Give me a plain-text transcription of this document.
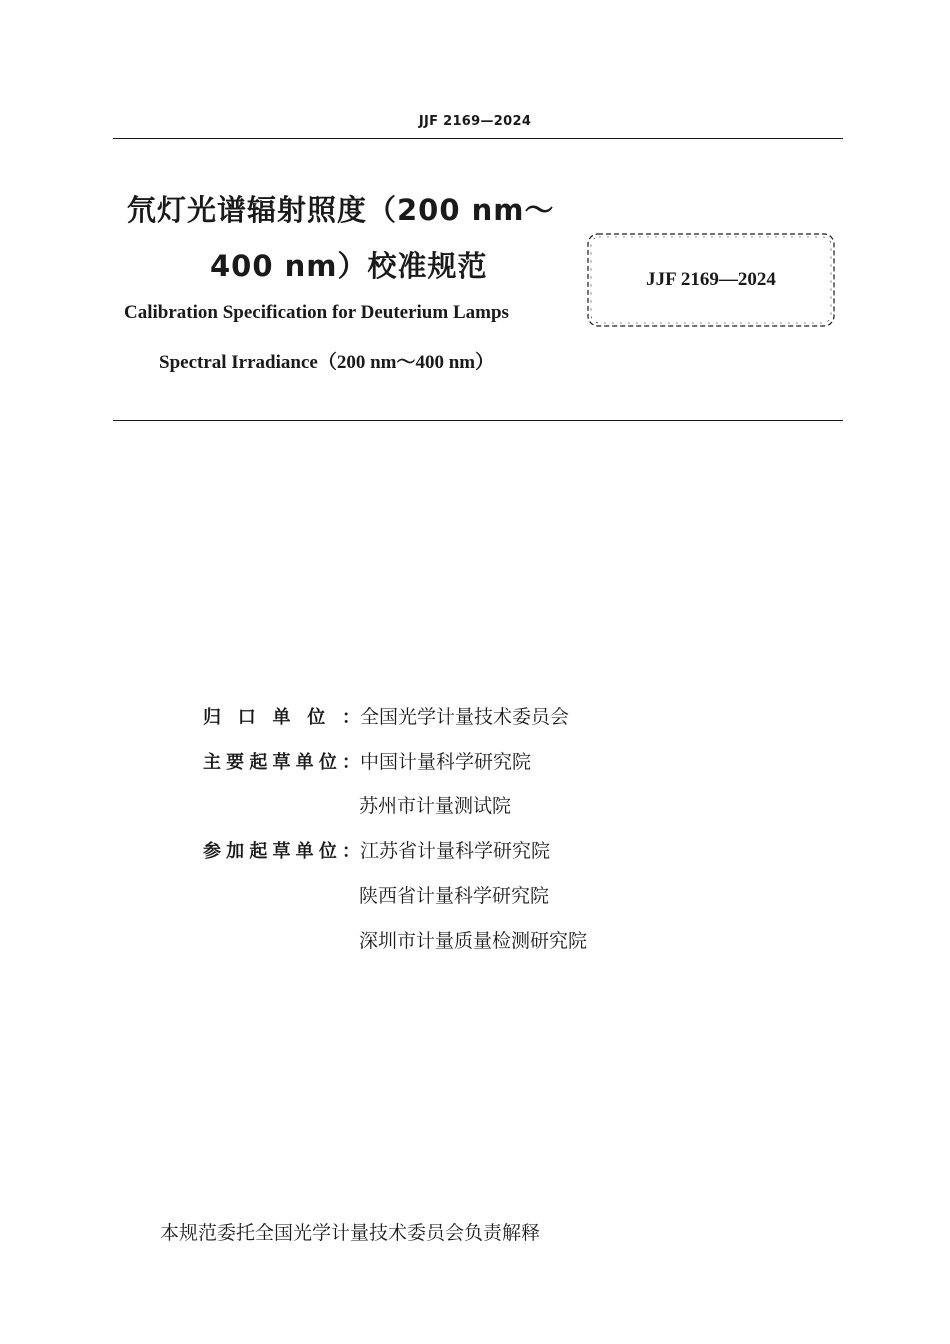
JJF 2169—2024
氘灯光谱辐射照度（200 nm～
400 nm）校准规范	JJF 2169—2024
Calibration Specification for Deuterium Lamps
Spectral Irradiance（200 nm～400 nm）
归口单位：全国光学计量技术委员会
主要起草单位：中国计量科学研究院
苏州市计量测试院
参加起草单位：江苏省计量科学研究院
陕西省计量科学研究院
深圳市计量质量检测研究院
本规范委托全国光学计量技术委员会负责解释
